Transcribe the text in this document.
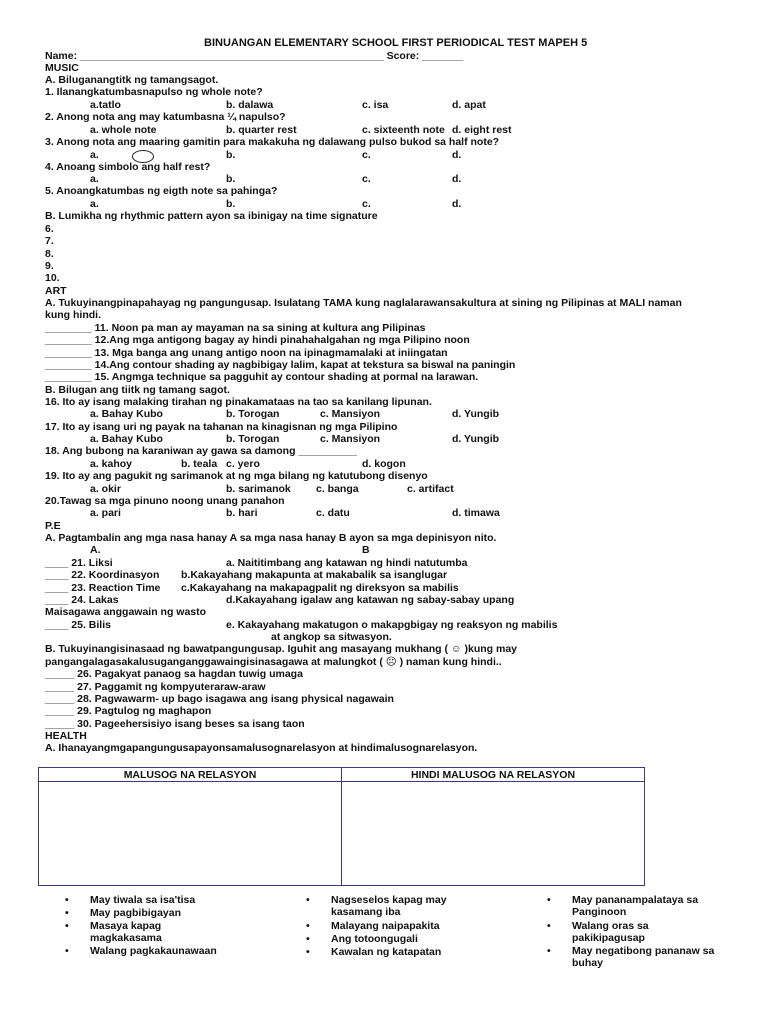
BINUANGAN ELEMENTARY SCHOOL FIRST PERIODICAL TEST MAPEH 5
Name: ____________________________________________________ Score: _______
MUSIC
A. Biluganangtitk ng tamangsagot.
1. Ilanangkatumbasnapulso ng whole note?
a.tatlo	b. dalawa	c. isa	d. apat
2. Anong nota ang may katumbasna ¼ napulso?
a. whole note	b. quarter rest	c. sixteenth note d. eight rest
3. Anong nota ang maaring gamitin para makakuha ng dalawang pulso bukod sa half note?
a.	b.	c.	d.
4. Anoang simbolo ang half rest?
a.	b.	c.	d.
5. Anoangkatumbas ng eigth note sa pahinga?
a.	b.	c.	d.
B. Lumikha ng rhythmic pattern ayon sa ibinigay na time signature
6.
7.
8.
9.
10.
ART
A. Tukuyinangpinapahayag ng pangungusap. Isulatang TAMA kung naglalarawansakultura at sining ng Pilipinas at MALI naman
kung hindi.
________ 11. Noon pa man ay mayaman na sa sining at kultura ang Pilipinas
________ 12.Ang mga antigong bagay ay hindi pinahahalgahan ng mga Pilipino noon
________ 13. Mga banga ang unang antigo noon na ipinagmamalaki at iniingatan
________ 14.Ang contour shading ay nagbibigay lalim, kapat at tekstura sa biswal na paningin
________ 15. Angmga technique sa pagguhit ay contour shading at pormal na larawan.
B. Bilugan ang tiitk ng tamang sagot.
16. Ito ay isang malaking tirahan ng pinakamataas na tao sa kanilang lipunan.
a. Bahay Kubo	b. Torogan	c. Mansiyon	d. Yungib
17. Ito ay isang uri ng payak na tahanan na kinagisnan ng mga Pilipino
a. Bahay Kubo	b. Torogan	c. Mansiyon	d. Yungib
18. Ang bubong na karaniwan ay gawa sa damong __________
a. kahoy	b. teala c. yero	d. kogon
19. Ito ay ang pagukit ng sarimanok at ng mga bilang ng katutubong disenyo
a. okir	b. sarimanok c. banga	c. artifact
20.Tawag sa mga pinuno noong unang panahon
a. pari	b. hari	c. datu	d. timawa
P.E
A. Pagtambalin ang mga nasa hanay A sa mga nasa hanay B ayon sa mga depinisyon nito.
A.	B
____ 21. Liksi	a. Naititimbang ang katawan ng hindi natutumba
____ 22. Koordinasyon b.Kakayahang makapunta at makabalik sa isanglugar
____ 23. Reaction Time c.Kakayahang na makapagpalit ng direksyon sa mabilis
____ 24. Lakas	d.Kakayahang igalaw ang katawan ng sabay-sabay upang
Maisagawa anggawain ng wasto
____ 25. Bilis	e. Kakayahang makatugon o makapgbigay ng reaksyon ng mabilis
at angkop sa sitwasyon.
B. Tukuyinangisinasaad ng bawatpangungusap. Iguhit ang masayang mukhang ( ☺ )kung may
pangangalagasakalusuganganggawaingisinasagawa at malungkot ( ☹ ) naman kung hindi..
_____ 26. Pagakyat panaog sa hagdan tuwig umaga
_____ 27. Paggamit ng kompyuteraraw-araw
_____ 28. Pagwawarm- up bago isagawa ang isang physical nagawain
_____ 29. Pagtulog ng maghapon
_____ 30. Pageehersisiyo isang beses sa isang taon
HEALTH
A. Ihanayangmgapangungusapayonsamalusognarelasyon at hindimalusognarelasyon.
MALUSOG NA RELASYON	HINDI MALUSOG NA RELASYON

• May tiwala sa isa'tisa
• May pagbibigayan
• Masaya kapag magkakasama
• Walang pagkakaunawaan
• Nagseselos kapag may kasamang iba
• Malayang naipapakita
• Ang totoongugali
• Kawalan ng katapatan
• May pananampalataya sa Panginoon
• Walang oras sa pakikipagusap
• May negatibong pananaw sa buhay
